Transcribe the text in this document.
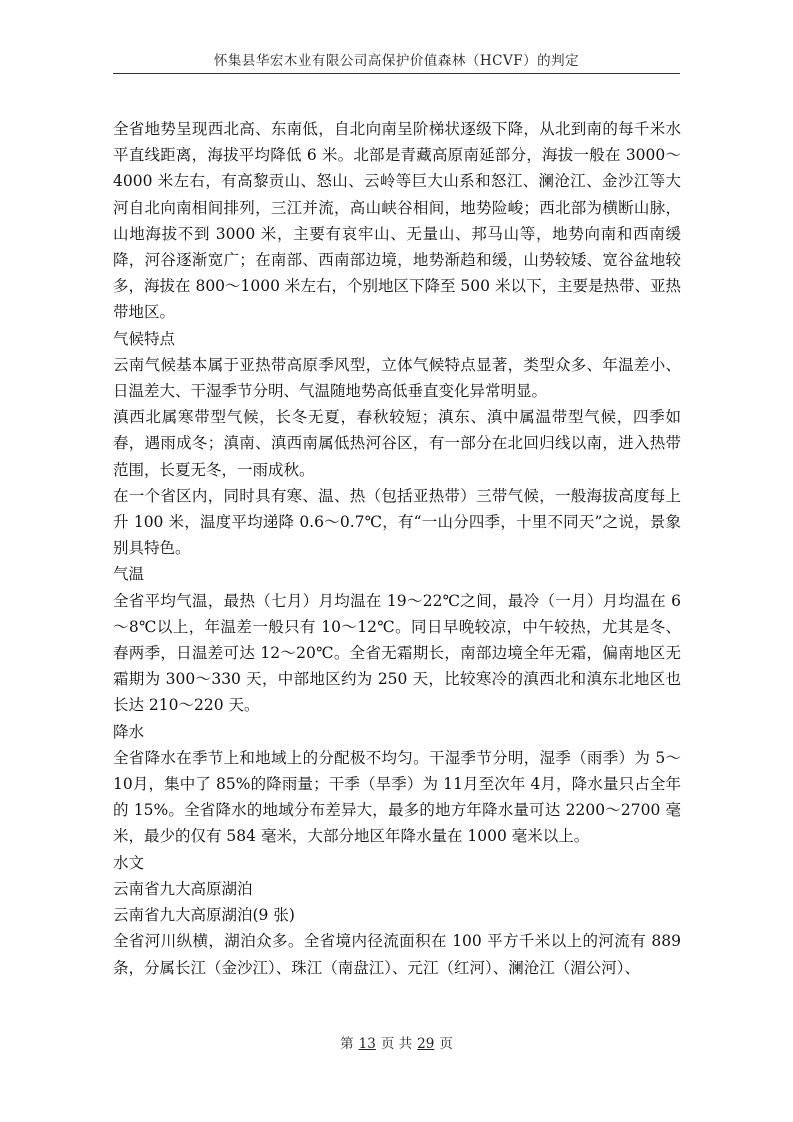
怀集县华宏木业有限公司高保护价值森林（HCVF）的判定

全省地势呈现西北高、东南低，自北向南呈阶梯状逐级下降，从北到南的每千米水平直线距离，海拔平均降低 6 米。北部是青藏高原南延部分，海拔一般在 3000～4000 米左右，有高黎贡山、怒山、云岭等巨大山系和怒江、澜沧江、金沙江等大河自北向南相间排列，三江并流，高山峡谷相间，地势险峻；西北部为横断山脉，山地海拔不到 3000 米，主要有哀牢山、无量山、邦马山等，地势向南和西南缓降，河谷逐渐宽广；在南部、西南部边境，地势渐趋和缓，山势较矮、宽谷盆地较多，海拔在 800～1000 米左右，个别地区下降至 500 米以下，主要是热带、亚热带地区。

气候特点

云南气候基本属于亚热带高原季风型，立体气候特点显著，类型众多、年温差小、日温差大、干湿季节分明、气温随地势高低垂直变化异常明显。

滇西北属寒带型气候，长冬无夏，春秋较短；滇东、滇中属温带型气候，四季如春，遇雨成冬；滇南、滇西南属低热河谷区，有一部分在北回归线以南，进入热带范围，长夏无冬，一雨成秋。

在一个省区内，同时具有寒、温、热（包括亚热带）三带气候，一般海拔高度每上升 100 米，温度平均递降 0.6～0.7℃，有“一山分四季，十里不同天”之说，景象别具特色。

气温

全省平均气温，最热（七月）月均温在 19～22℃之间，最冷（一月）月均温在 6～8℃以上，年温差一般只有 10～12℃。同日早晚较凉，中午较热，尤其是冬、春两季，日温差可达 12～20℃。全省无霜期长，南部边境全年无霜，偏南地区无霜期为 300～330 天，中部地区约为 250 天，比较寒冷的滇西北和滇东北地区也长达 210～220 天。

降水

全省降水在季节上和地域上的分配极不均匀。干湿季节分明，湿季（雨季）为 5～10月，集中了 85%的降雨量；干季（旱季）为 11月至次年 4月，降水量只占全年的 15%。全省降水的地域分布差异大，最多的地方年降水量可达 2200～2700 毫米，最少的仅有 584 毫米，大部分地区年降水量在 1000 毫米以上。

水文

云南省九大高原湖泊

云南省九大高原湖泊(9 张)

全省河川纵横，湖泊众多。全省境内径流面积在 100 平方千米以上的河流有 889条，分属长江（金沙江）、珠江（南盘江）、元江（红河）、澜沧江（湄公河）、

第 13 页 共 29 页
